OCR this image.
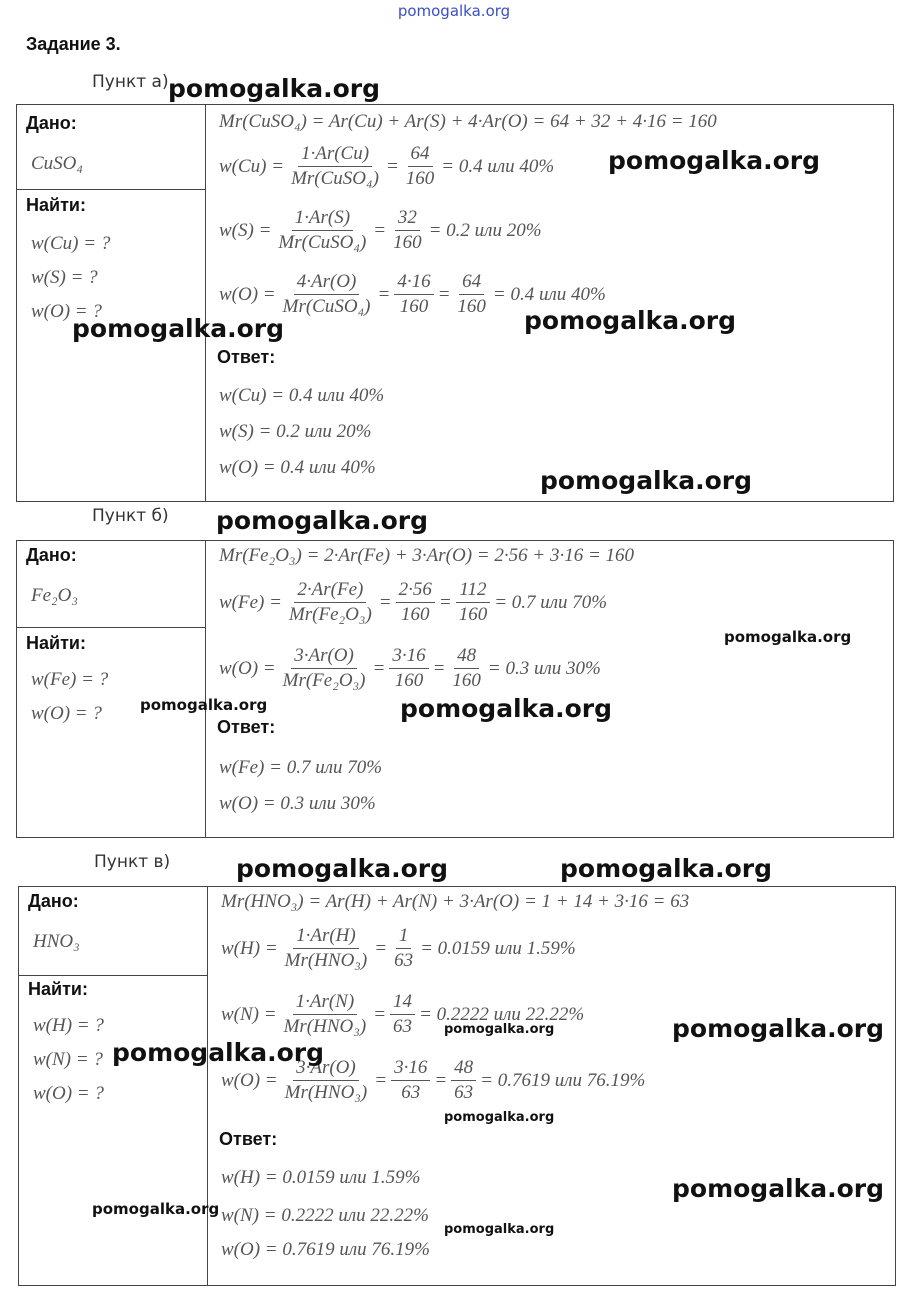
pomogalka.org
Задание 3.
Пункт а)
Дано:
CuSO₄
Найти:
w(Cu) = ?
w(S) = ?
w(O) = ?
Mr(CuSO₄) = Ar(Cu) + Ar(S) + 4·Ar(O) = 64 + 32 + 4·16 = 160
w(Cu) =
1·Ar(Cu)
Mr(CuSO₄)
= $\frac{64}{160} = 0.4$ или 40%
w(S) =
1·Ar(S)
Mr(CuSO₄)
= $\frac{32}{160} = 0.2$ или 20%
w(O) =
4·Ar(O)
Mr(CuSO₄)
= $\frac{4\cdot 16}{160} = \frac{64}{160} = 0.4$ или 40%
Ответ:
w(Cu) = 0.4 или 40%
w(S) = 0.2 или 20%
w(O) = 0.4 или 40%
Пункт б)
Дано:
Fe₂O₃
Найти:
w(Fe) = ?
w(O) = ?
Mr(Fe₂O₃) = 2·Ar(Fe) + 3·Ar(O) = 2·56 + 3·16 = 160
$w(Fe) = \frac{2\cdot Ar(Fe)}{\text{Mr(Fe₂O₃)}} = \frac{2\cdot 56}{160} = \frac{112}{160} = 0.7$ или 70%
$w(O) = \frac{3\cdot Ar(O)}{\text{Mr(Fe₂O₃)}} = \frac{3\cdot 16}{160} = \frac{48}{160} = 0.3$ или 30%
Ответ:
w(Fe) = 0.7 или 70%
w(O) = 0.3 или 30%
Пункт в)
Дано:
HNO₃
Найти:
w(H) = ?
w(N) = ?
w(O) = ?
Mr(HNO₃) = Ar(H) + Ar(N) + 3·Ar(O) = 1 + 14 + 3·16 = 63
w(H) =
1·Ar(H)
Mr(HNO₃)
= $\frac{1}{63} = 0.0159$ или 1.59%
w(N) =
1·Ar(N)
Mr(HNO₃)
= $\frac{14}{63} = 0.2222$ или 22.22%
w(O) =
3·Ar(O)
Mr(HNO₃)
= $\frac{3\cdot 16}{63} = \frac{48}{63} = 0.7619$ или 76.19%
Ответ:
w(H) = 0.0159 или 1.59%
w(N) = 0.2222 или 22.22%
w(O) = 0.7619 или 76.19%
pomogalka.org
pomogalka.org
pomogalka.org	pomogalka.org
pomogalka.org
pomogalka.org
pomogalka.org
pomogalka.org	pomogalka.org
pomogalka.org	pomogalka.org
pomogalka.org	pomogalka.org
pomogalka.org
pomogalka.org
pomogalka.org
pomogalka.org
pomogalka.org
